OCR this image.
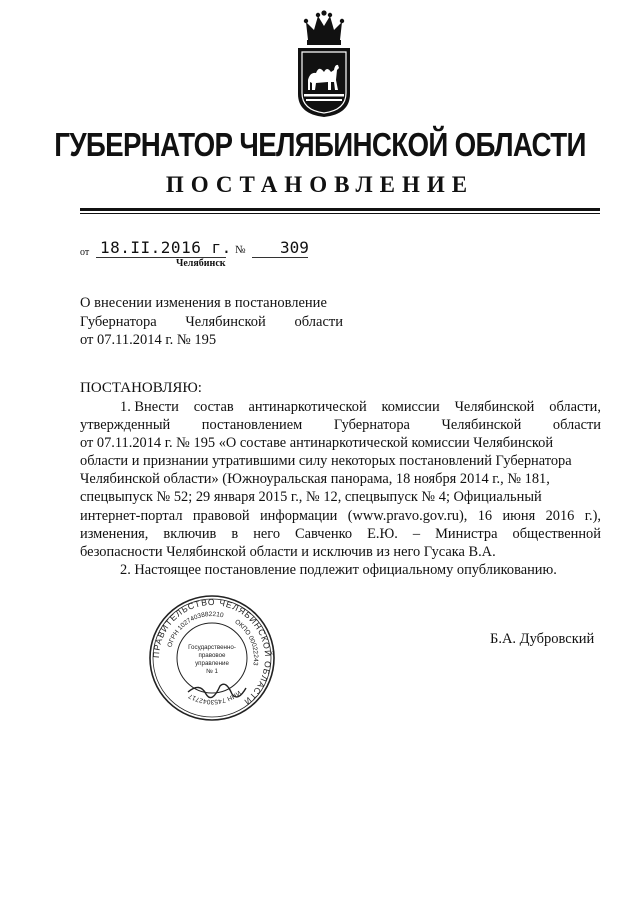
ГУБЕРНАТОР ЧЕЛЯБИНСКОЙ ОБЛАСТИ
ПОСТАНОВЛЕНИЕ
от 18.II.2016 г. № 309
Челябинск
О внесении изменения в постановление
Губернатора Челябинской области
от 07.11.2014 г. № 195
ПОСТАНОВЛЯЮ:
1. Внести состав антинаркотической комиссии Челябинской области,
утвержденный постановлением Губернатора Челябинской области
от 07.11.2014 г. № 195 «О составе антинаркотической комиссии Челябинской
области и признании утратившими силу некоторых постановлений Губернатора
Челябинской области» (Южноуральская панорама, 18 ноября 2014 г., № 181,
спецвыпуск № 52; 29 января 2015 г., № 12, спецвыпуск № 4; Официальный
интернет-портал правовой информации (www.pravo.gov.ru), 16 июня 2016 г.),
изменения, включив в него Савченко Е.Ю. – Министра общественной
безопасности Челябинской области и исключив из него Гусака В.А.
2. Настоящее постановление подлежит официальному опубликованию.
ПРАВИТЕЛЬСТВО ЧЕЛЯБИНСКОЙ ОБЛАСТИ
ОГРН 1027403882210
ОКПО 00022243
ИНН 7453042717
Государственно-
правовое
управление
№ 1
Б.А. Дубровский
